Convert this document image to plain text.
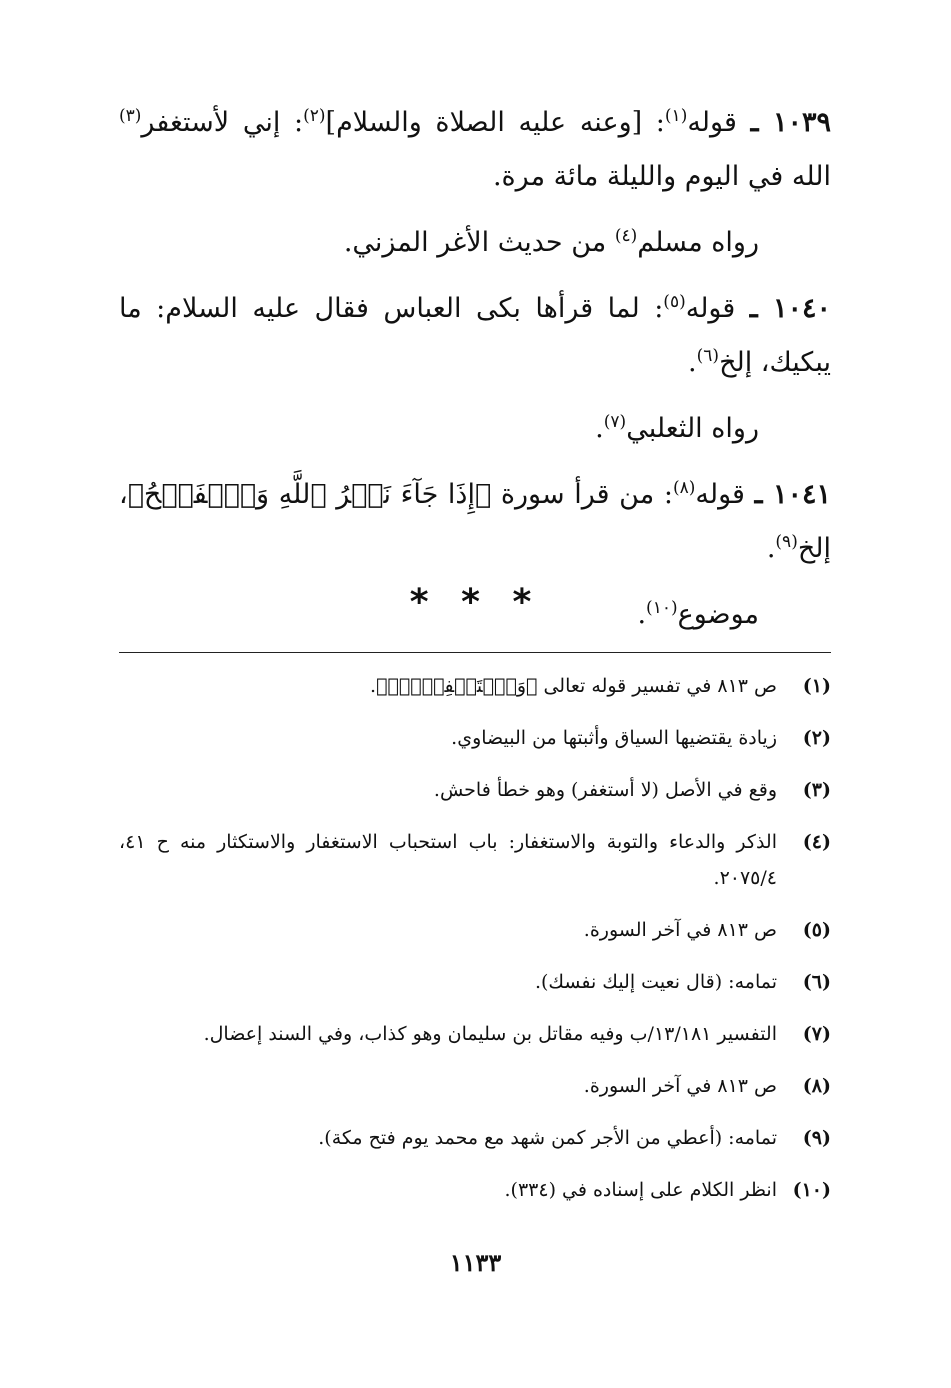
١٠٣٩ ـ قوله$^{(١)}$: [وعنه عليه الصلاة والسلام]$^{(٢)}$: إني لأستغفر$^{(٣)}$ الله في اليوم والليلة مائة مرة.

رواه مسلم$^{(٤)}$ من حديث الأغر المزني.

١٠٤٠ ـ قوله$^{(٥)}$: لما قرأها بكى العباس فقال عليه السلام: ما يبكيك، إلخ$^{(٦)}$.

رواه الثعلبي$^{(٧)}$.

١٠٤١ ـ قوله$^{(٨)}$: من قرأ سورة ﴿إِذَا جَآءَ نَصۡرُ ٱللَّهِ وَٱلۡفَتۡحُ﴾، إلخ$^{(٩)}$.

موضوع$^{(١٠)}$.

* * *
(١)
ص ٨١٣ في تفسير قوله تعالى ﴿وَٱسۡتَغۡفِرۡهُۚ﴾.
(٢)
زيادة يقتضيها السياق وأثبتها من البيضاوي.
(٣)
وقع في الأصل (لا أستغفر) وهو خطأ فاحش.
(٤)
الذكر والدعاء والتوبة والاستغفار: باب استحباب الاستغفار والاستكثار منه ح ٤١، ٢٠٧٥/٤.
(٥)
ص ٨١٣ في آخر السورة.
(٦)
تمامه: (قال نعيت إليك نفسك).
(٧)
التفسير ١٣/١٨١/ب وفيه مقاتل بن سليمان وهو كذاب، وفي السند إعضال.
(٨)
ص ٨١٣ في آخر السورة.
(٩)
تمامه: (أعطي من الأجر كمن شهد مع محمد يوم فتح مكة).
(١٠)
انظر الكلام على إسناده في (٣٣٤).
١١٣٣
